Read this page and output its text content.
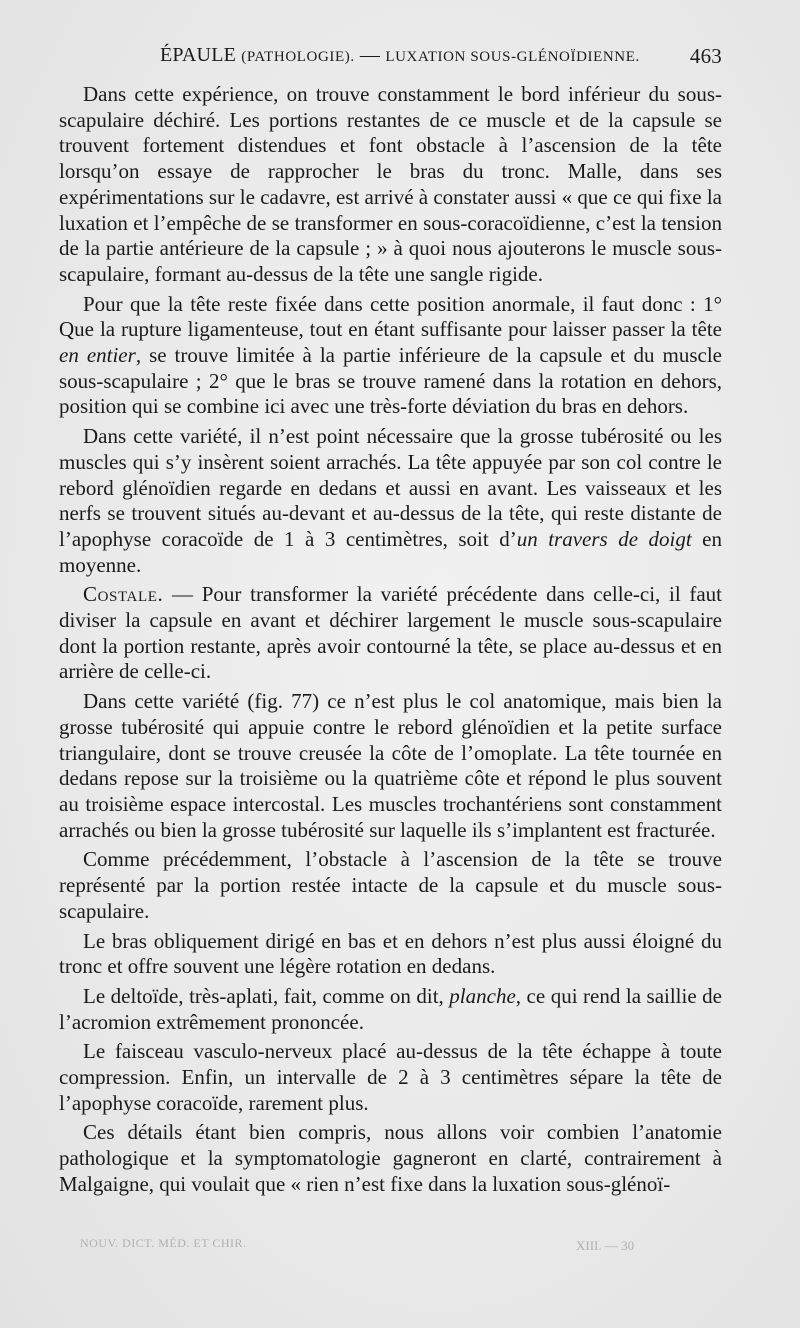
ÉPAULE (PATHOLOGIE). — LUXATION SOUS-GLÉNOÏDIENNE. 463

Dans cette expérience, on trouve constamment le bord inférieur du sous-scapulaire déchiré. Les portions restantes de ce muscle et de la capsule se trouvent fortement distendues et font obstacle à l’ascension de la tête lorsqu’on essaye de rapprocher le bras du tronc. Malle, dans ses expérimentations sur le cadavre, est arrivé à constater aussi « que ce qui fixe la luxation et l’empêche de se transformer en sous-coracoïdienne, c’est la tension de la partie antérieure de la capsule ; » à quoi nous ajouterons le muscle sous-scapulaire, formant au-dessus de la tête une sangle rigide.

Pour que la tête reste fixée dans cette position anormale, il faut donc : 1° Que la rupture ligamenteuse, tout en étant suffisante pour laisser passer la tête en entier, se trouve limitée à la partie inférieure de la capsule et du muscle sous-scapulaire ; 2° que le bras se trouve ramené dans la rotation en dehors, position qui se combine ici avec une très-forte déviation du bras en dehors.

Dans cette variété, il n’est point nécessaire que la grosse tubérosité ou les muscles qui s’y insèrent soient arrachés. La tête appuyée par son col contre le rebord glénoïdien regarde en dedans et aussi en avant. Les vaisseaux et les nerfs se trouvent situés au-devant et au-dessus de la tête, qui reste distante de l’apophyse coracoïde de 1 à 3 centimètres, soit d’un travers de doigt en moyenne.

Costale. — Pour transformer la variété précédente dans celle-ci, il faut diviser la capsule en avant et déchirer largement le muscle sous-scapulaire dont la portion restante, après avoir contourné la tête, se place au-dessus et en arrière de celle-ci.

Dans cette variété (fig. 77) ce n’est plus le col anatomique, mais bien la grosse tubérosité qui appuie contre le rebord glénoïdien et la petite surface triangulaire, dont se trouve creusée la côte de l’omoplate. La tête tournée en dedans repose sur la troisième ou la quatrième côte et répond le plus souvent au troisième espace intercostal. Les muscles trochantériens sont constamment arrachés ou bien la grosse tubérosité sur laquelle ils s’implantent est fracturée.

Comme précédemment, l’obstacle à l’ascension de la tête se trouve représenté par la portion restée intacte de la capsule et du muscle sous-scapulaire.

Le bras obliquement dirigé en bas et en dehors n’est plus aussi éloigné du tronc et offre souvent une légère rotation en dedans.

Le deltoïde, très-aplati, fait, comme on dit, planche, ce qui rend la saillie de l’acromion extrêmement prononcée.

Le faisceau vasculo-nerveux placé au-dessus de la tête échappe à toute compression. Enfin, un intervalle de 2 à 3 centimètres sépare la tête de l’apophyse coracoïde, rarement plus.

Ces détails étant bien compris, nous allons voir combien l’anatomie pathologique et la symptomatologie gagneront en clarté, contrairement à Malgaigne, qui voulait que « rien n’est fixe dans la luxation sous-glénoï-

NOUV. DICT. MÉD. ET CHIR.	XIII. — 30
